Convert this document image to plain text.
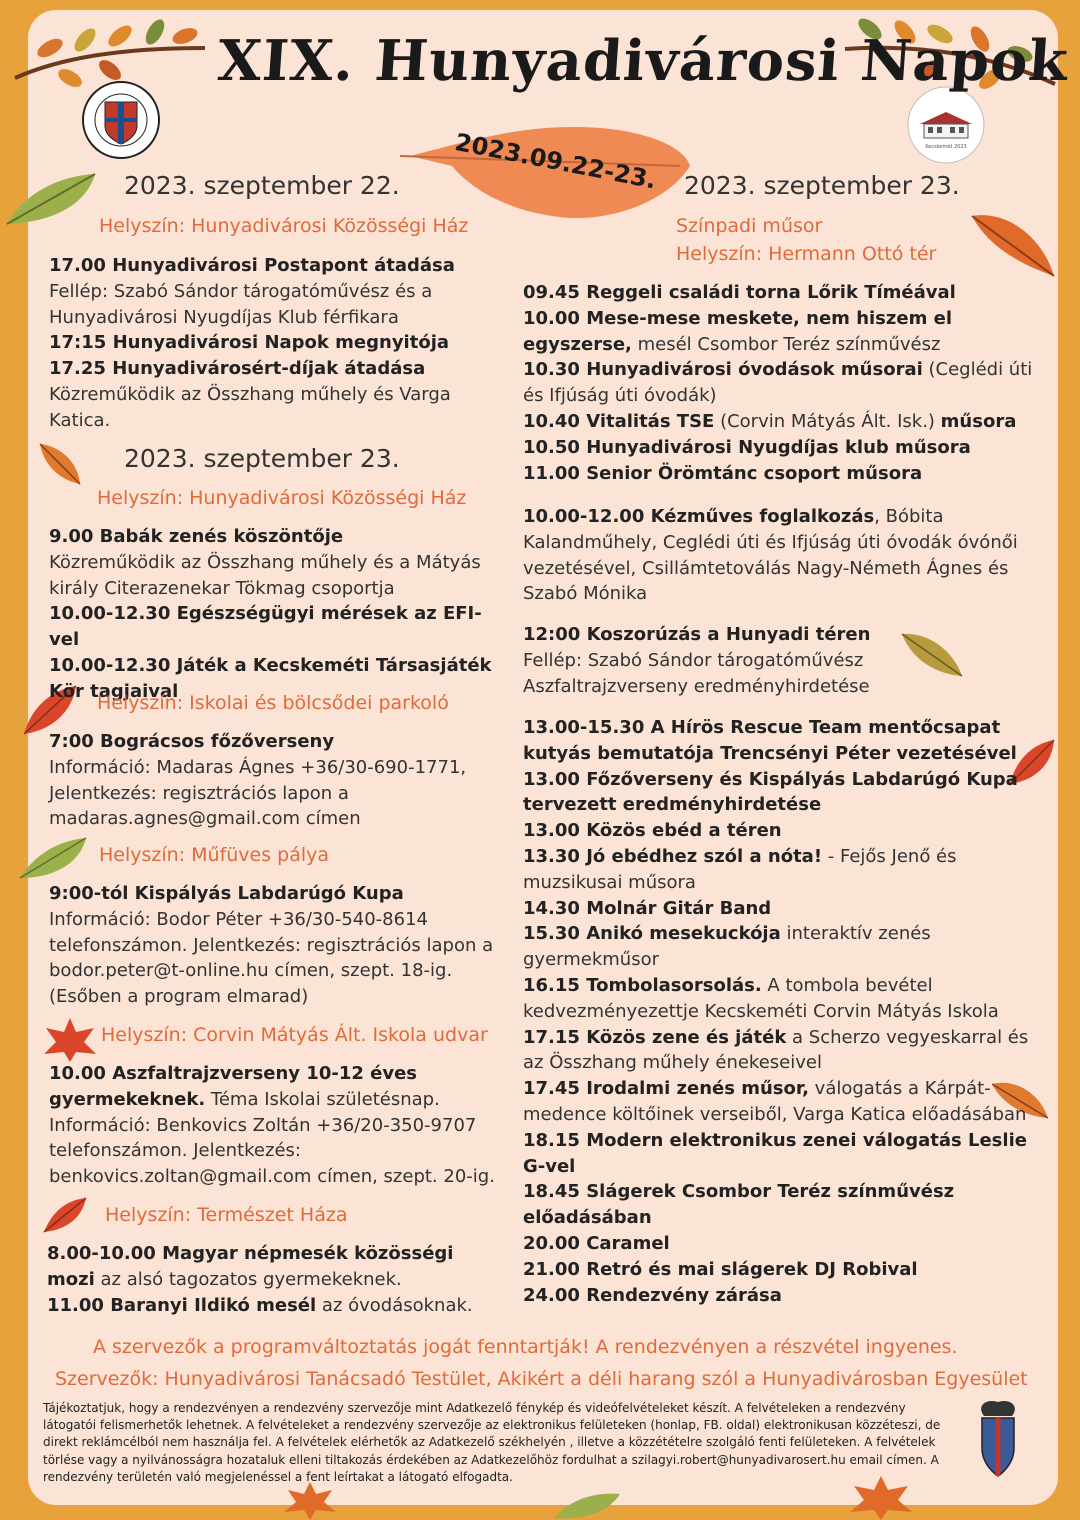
Kecskemét 2023
2023.09.22-23.
XIX. Hunyadivárosi Napok
2023. szeptember 22.
Helyszín: Hunyadivárosi Közösségi Ház
17.00 Hunyadivárosi Postapont átadása
Fellép: Szabó Sándor tárogatóművész és a Hunyadivárosi Nyugdíjas Klub férfikara
17:15 Hunyadivárosi Napok megnyitója
17.25 Hunyadivárosért-díjak átadása
Közreműködik az Összhang műhely és Varga Katica.
2023. szeptember 23.
Helyszín: Hunyadivárosi Közösségi Ház
9.00 Babák zenés köszöntője
Közreműködik az Összhang műhely és a Mátyás király Citerazenekar Tökmag csoportja
10.00-12.30 Egészségügyi mérések az EFI-vel
10.00-12.30 Játék a Kecskeméti Társasjáték Kör tagjaival
Helyszín: Iskolai és bölcsődei parkoló
7:00 Bográcsos főzőverseny
Információ: Madaras Ágnes +36/30-690-1771, Jelentkezés: regisztrációs lapon a madaras.agnes@gmail.com címen
Helyszín: Műfüves pálya
9:00-tól Kispályás Labdarúgó Kupa
Információ: Bodor Péter +36/30-540-8614 telefonszámon. Jelentkezés: regisztrációs lapon a bodor.peter@t-online.hu címen, szept. 18-ig. (Esőben a program elmarad)
Helyszín: Corvin Mátyás Ált. Iskola udvar
10.00 Aszfaltrajzverseny 10-12 éves gyermekeknek. Téma Iskolai születésnap. Információ: Benkovics Zoltán +36/20-350-9707 telefonszámon. Jelentkezés: benkovics.zoltan@gmail.com címen, szept. 20-ig.
Helyszín: Természet Háza
8.00-10.00 Magyar népmesék közösségi mozi az alsó tagozatos gyermekeknek.
11.00 Baranyi Ildikó mesél az óvodásoknak.
2023. szeptember 23.
Színpadi műsor
Helyszín: Hermann Ottó tér
09.45 Reggeli családi torna Lőrik Tíméával
10.00 Mese-mese meskete, nem hiszem el egyszerse, mesél Csombor Teréz színművész
10.30 Hunyadivárosi óvodások műsorai (Ceglédi úti és Ifjúság úti óvodák)
10.40 Vitalitás TSE (Corvin Mátyás Ált. Isk.) műsora
10.50 Hunyadivárosi Nyugdíjas klub műsora
11.00 Senior Örömtánc csoport műsora
10.00-12.00 Kézműves foglalkozás, Bóbita Kalandműhely, Ceglédi úti és Ifjúság úti óvodák óvónői vezetésével, Csillámtetoválás Nagy-Németh Ágnes és Szabó Mónika
12:00 Koszorúzás a Hunyadi téren
Fellép: Szabó Sándor tárogatóművész
Aszfaltrajzverseny eredményhirdetése
13.00-15.30 A Hírös Rescue Team mentőcsapat kutyás bemutatója Trencsényi Péter vezetésével
13.00 Főzőverseny és Kispályás Labdarúgó Kupa tervezett eredményhirdetése
13.00 Közös ebéd a téren
13.30 Jó ebédhez szól a nóta! - Fejős Jenő és muzsikusai műsora
14.30 Molnár Gitár Band
15.30 Anikó mesekuckója interaktív zenés gyermekműsor
16.15 Tombolasorsolás. A tombola bevétel kedvezményezettje Kecskeméti Corvin Mátyás Iskola
17.15 Közös zene és játék a Scherzo vegyeskarral és az Összhang műhely énekeseivel
17.45 Irodalmi zenés műsor, válogatás a Kárpát-medence költőinek verseiből, Varga Katica előadásában
18.15 Modern elektronikus zenei válogatás Leslie G-vel
18.45 Slágerek Csombor Teréz színművész előadásában
20.00 Caramel
21.00 Retró és mai slágerek DJ Robival
24.00 Rendezvény zárása
A szervezők a programváltoztatás jogát fenntartják! A rendezvényen a részvétel ingyenes.
Szervezők: Hunyadivárosi Tanácsadó Testület, Akikért a déli harang szól a Hunyadivárosban Egyesület
Tájékoztatjuk, hogy a rendezvényen a rendezvény szervezője mint Adatkezelő fénykép és videófelvételeket készít. A felvételeken a rendezvény látogatói felismerhetők lehetnek. A felvételeket a rendezvény szervezője az elektronikus felületeken (honlap, FB. oldal) elektronikusan közzéteszi, de direkt reklámcélból nem használja fel. A felvételek elérhetők az Adatkezelő székhelyén , illetve a közzétételre szolgáló fenti felületeken. A felvételek törlése vagy a nyilvánosságra hozataluk elleni tiltakozás érdekében az Adatkezelőhöz fordulhat a szilagyi.robert@hunyadivarosert.hu email címen. A rendezvény területén való megjelenéssel a fent leírtakat a látogató elfogadta.
